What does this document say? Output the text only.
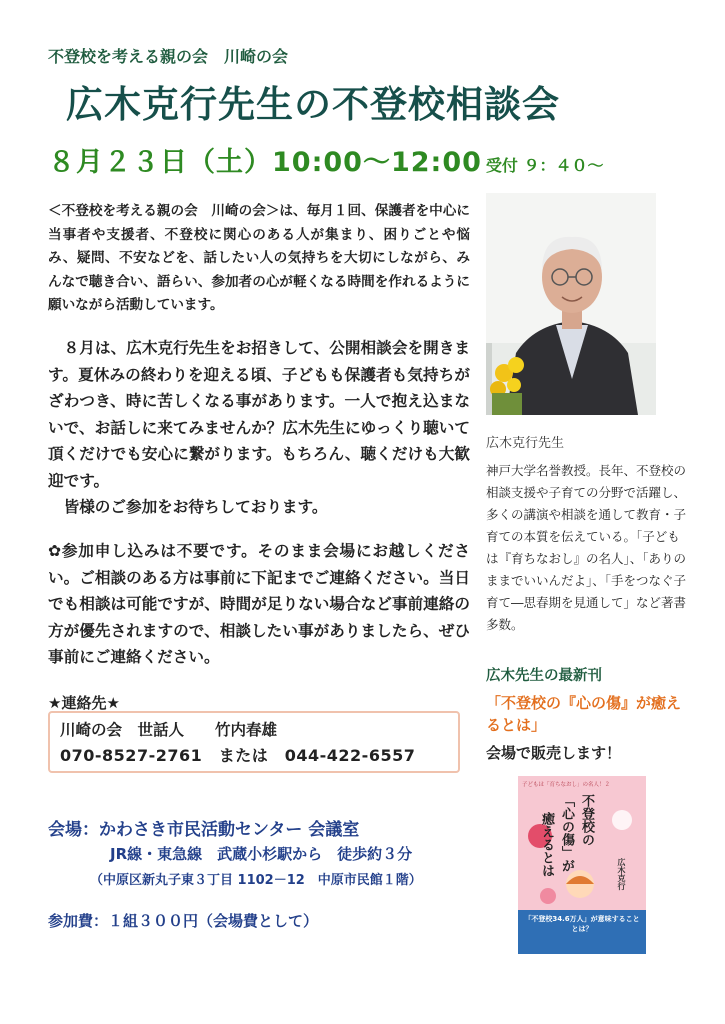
不登校を考える親の会　川崎の会
広木克行先生の不登校相談会
８月２３日（土）10:00～12:00 受付 ９：４０～
＜不登校を考える親の会　川崎の会＞は、毎月１回、保護者を中心に当事者や支援者、不登校に関心のある人が集まり、困りごとや悩み、疑問、不安などを、話したい人の気持ちを大切にしながら、みんなで聴き合い、語らい、参加者の心が軽くなる時間を作れるように願いながら活動しています。
　８月は、広木克行先生をお招きして、公開相談会を開きます。夏休みの終わりを迎える頃、子どもも保護者も気持ちがざわつき、時に苦しくなる事があります。一人で抱え込まないで、お話しに来てみませんか？広木先生にゆっくり聴いて頂くだけでも安心に繋がります。もちろん、聴くだけも大歓迎です。
　皆様のご参加をお待ちしております。
✿参加申し込みは不要です。そのまま会場にお越しください。ご相談のある方は事前に下記までご連絡ください。当日でも相談は可能ですが、時間が足りない場合など事前連絡の方が優先されますので、相談したい事がありましたら、ぜひ事前にご連絡ください。
★連絡先★
川崎の会　世話人　　竹内春雄
070-8527-2761　または　044-422-6557
会場：かわさき市民活動センター 会議室
JR線・東急線　武蔵小杉駅から　徒歩約３分
（中原区新丸子東３丁目 1102－12　中原市民館１階）
参加費：１組３００円（会場費として）
広木克行先生
神戸大学名誉教授。長年、不登校の相談支援や子育ての分野で活躍し、多くの講演や相談を通して教育・子育ての本質を伝えている。「子どもは『育ちなおし』の名人」、「ありのままでいいんだよ」、「手をつなぐ子育て―思春期を見通して」など著書多数。
広木先生の最新刊
「不登校の『心の傷』が癒えるとは」
会場で販売します！
子どもは「育ちなおし」の名人！２
不登校の
「心の傷」が
癒えるとは	広木克行
「不登校34.6万人」が意味することとは？
